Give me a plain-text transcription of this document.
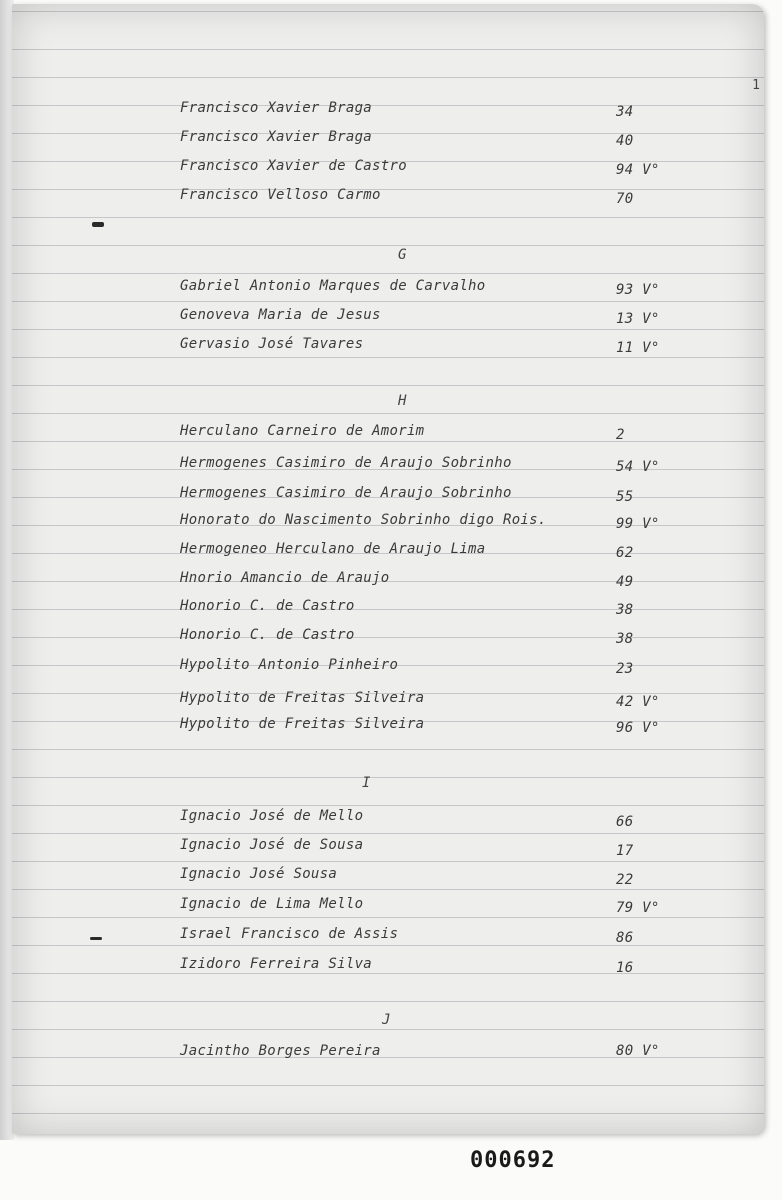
1
Francisco Xavier Braga	34
Francisco Xavier Braga	40
Francisco Xavier de Castro	94 V°
Francisco Velloso Carmo	70
G
Gabriel Antonio Marques de Carvalho	93 V°
Genoveva Maria de Jesus	13 V°
Gervasio José Tavares	11 V°
H
Herculano Carneiro de Amorim	2
Hermogenes Casimiro de Araujo Sobrinho	54 V°
Hermogenes Casimiro de Araujo Sobrinho	55
Honorato do Nascimento Sobrinho digo Rois.	99 V°
Hermogeneo Herculano de Araujo Lima	62
Hnorio Amancio de Araujo	49
Honorio C. de Castro	38
Honorio C. de Castro	38
Hypolito Antonio Pinheiro	23
Hypolito de Freitas Silveira	42 V°
Hypolito de Freitas Silveira	96 V°
I
Ignacio José de Mello	66
Ignacio José de Sousa	17
Ignacio José Sousa	22
Ignacio de Lima Mello	79 V°
Israel Francisco de Assis	86
Izidoro Ferreira Silva	16
J
Jacintho Borges Pereira	80 V°
000692
